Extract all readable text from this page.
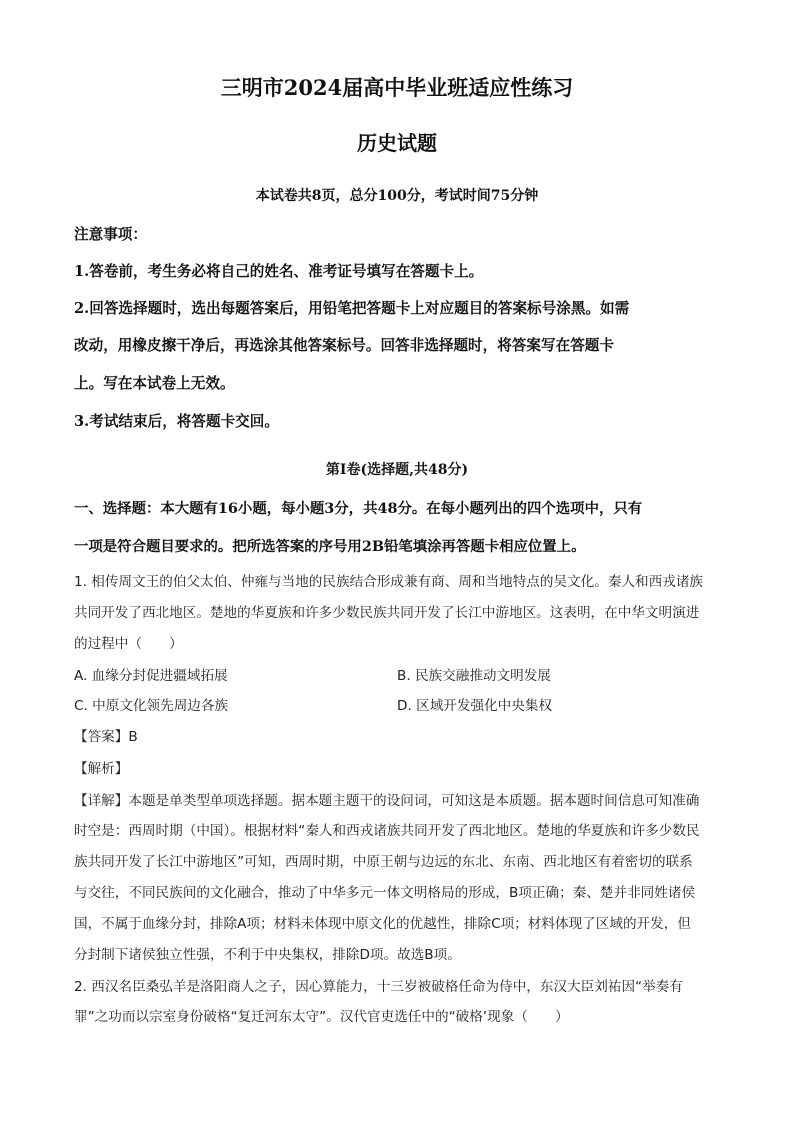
三明市2024届高中毕业班适应性练习
历史试题
本试卷共8页，总分100分，考试时间75分钟
注意事项：
1.答卷前，考生务必将自己的姓名、准考证号填写在答题卡上。
2.回答选择题时，选出每题答案后，用铅笔把答题卡上对应题目的答案标号涂黑。如需
改动，用橡皮擦干净后，再选涂其他答案标号。回答非选择题时，将答案写在答题卡
上。写在本试卷上无效。
3.考试结束后，将答题卡交回。
第Ⅰ卷(选择题,共48分)
一、选择题：本大题有16小题，每小题3分，共48分。在每小题列出的四个选项中，只有
一项是符合题目要求的。把所选答案的序号用2B铅笔填涂再答题卡相应位置上。
1. 相传周文王的伯父太伯、仲雍与当地的民族结合形成兼有商、周和当地特点的吴文化。秦人和西戎诸族
共同开发了西北地区。楚地的华夏族和许多少数民族共同开发了长江中游地区。这表明，在中华文明演进
的过程中（　　）
A. 血缘分封促进疆域拓展	B. 民族交融推动文明发展
C. 中原文化领先周边各族	D. 区域开发强化中央集权
【答案】B
【解析】
【详解】本题是单类型单项选择题。据本题主题干的设问词，可知这是本质题。据本题时间信息可知准确
时空是：西周时期（中国）。根据材料“秦人和西戎诸族共同开发了西北地区。楚地的华夏族和许多少数民
族共同开发了长江中游地区”可知，西周时期，中原王朝与边远的东北、东南、西北地区有着密切的联系
与交往，不同民族间的文化融合，推动了中华多元一体文明格局的形成，B项正确；秦、楚并非同姓诸侯
国，不属于血缘分封，排除A项；材料未体现中原文化的优越性，排除C项；材料体现了区域的开发，但
分封制下诸侯独立性强，不利于中央集权，排除D项。故选B项。
2. 西汉名臣桑弘羊是洛阳商人之子，因心算能力，十三岁被破格任命为侍中，东汉大臣刘祐因“举奏有
罪”之功而以宗室身份破格“复迁河东太守”。汉代官吏选任中的“破格’现象（　　）
